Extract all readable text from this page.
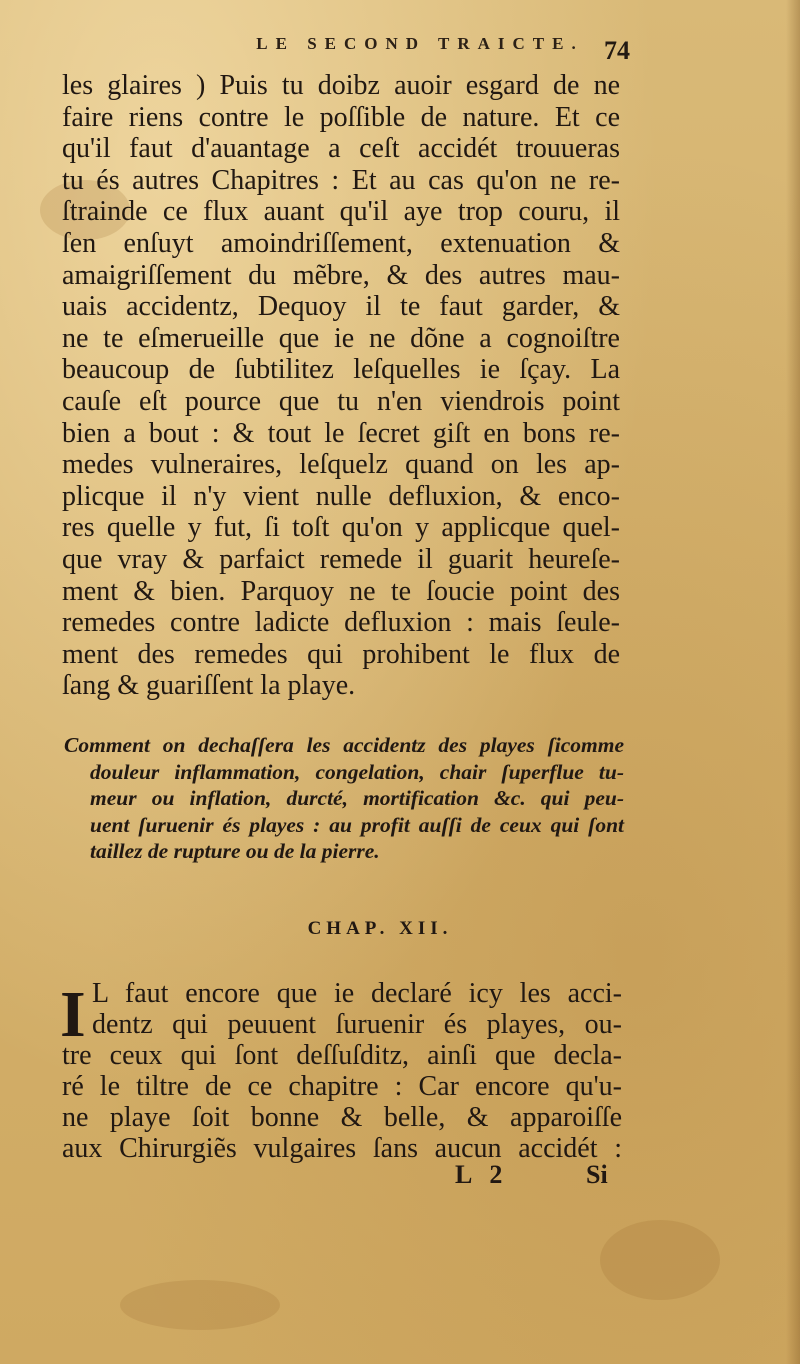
LE SECOND TRAICTE. 74
les glaires ) Puis tu doibz auoir esgard de ne
faire riens contre le poſſible de nature. Et ce
qu'il faut d'auantage a ceſt accidét trouueras
tu és autres Chapitres : Et au cas qu'on ne re-
ſtrainde ce flux auant qu'il aye trop couru, il
ſen enſuyt amoindriſſement, extenuation &
amaigriſſement du mẽbre, & des autres mau-
uais accidentz, Dequoy il te faut garder, &
ne te eſmerueille que ie ne dõne a cognoiſtre
beaucoup de ſubtilitez leſquelles ie ſçay. La
cauſe eſt pource que tu n'en viendrois point
bien a bout : & tout le ſecret giſt en bons re-
medes vulneraires, leſquelz quand on les ap-
plicque il n'y vient nulle defluxion, & enco-
res quelle y fut, ſi toſt qu'on y applicque quel-
que vray & parfaict remede il guarit heureſe-
ment & bien. Parquoy ne te ſoucie point des
remedes contre ladicte defluxion : mais ſeule-
ment des remedes qui prohibent le flux de
ſang & guariſſent la playe.
Comment on dechaſſera les accidentz des playes ſicomme
douleur inflammation, congelation, chair ſuperflue tu-
meur ou inflation, durcté, mortification &c. qui peu-
uent ſuruenir és playes : au profit auſſi de ceux qui ſont
taillez de rupture ou de la pierre.
CHAP. XII.
I L faut encore que ie declaré icy les acci-
dentz qui peuuent ſuruenir és playes, ou-
tre ceux qui ſont deſſuſditz, ainſi que decla-
ré le tiltre de ce chapitre : Car encore qu'u-
ne playe ſoit bonne & belle, & apparoiſſe
aux Chirurgiẽs vulgaires ſans aucun accidét :
L 2	Si
